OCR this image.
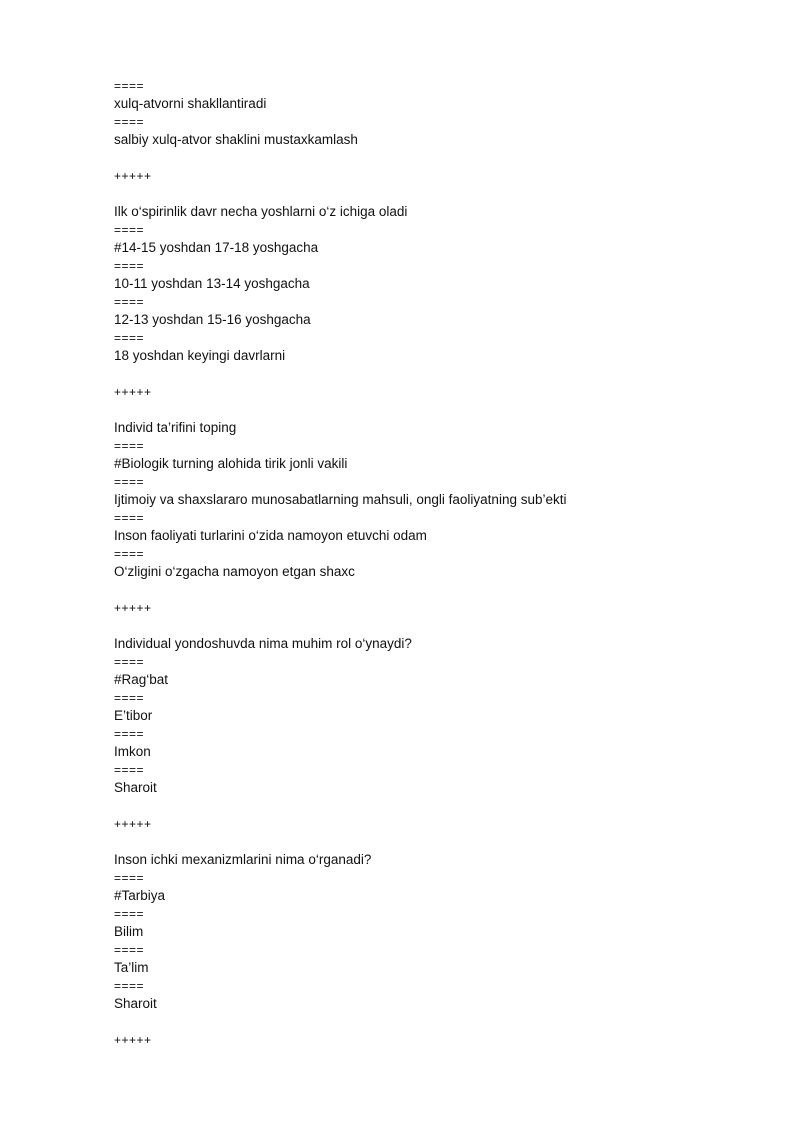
====
xulq-atvorni shakllantiradi
====
salbiy xulq-atvor shaklini mustaxkamlash
+++++
Ilk o‘spirinlik davr necha yoshlarni o‘z ichiga oladi
====
#14-15 yoshdan 17-18 yoshgacha
====
10-11 yoshdan 13-14 yoshgacha
====
12-13 yoshdan 15-16 yoshgacha
====
18 yoshdan keyingi davrlarni
+++++
Individ ta’rifini toping
====
#Biologik turning alohida tirik jonli vakili
====
Ijtimoiy va shaxslararo munosabatlarning mahsuli, ongli faoliyatning sub’ekti
====
Inson faoliyati turlarini o‘zida namoyon etuvchi odam
====
O‘zligini o‘zgacha namoyon etgan shaxc
+++++
Individual yondoshuvda nima muhim rol o‘ynaydi?
====
#Rag‘bat
====
E’tibor
====
Imkon
====
Sharoit
+++++
Inson ichki mexanizmlarini nima o‘rganadi?
====
#Tarbiya
====
Bilim
====
Ta’lim
====
Sharoit
+++++
